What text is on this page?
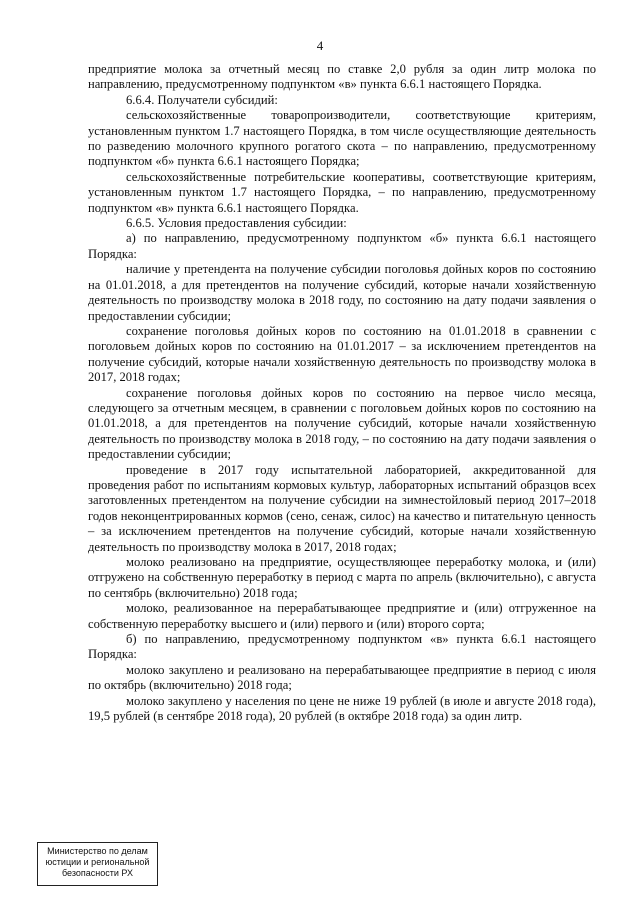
4

предприятие молока за отчетный месяц по ставке 2,0 рубля за один литр молока по направлению, предусмотренному подпунктом «в» пункта 6.6.1 настоящего Порядка.

6.6.4. Получатели субсидий:

сельскохозяйственные товаропроизводители, соответствующие критериям, установленным пунктом 1.7 настоящего Порядка, в том числе осуществляющие деятельность по разведению молочного крупного рогатого скота – по направлению, предусмотренному подпунктом «б» пункта 6.6.1 настоящего Порядка;

сельскохозяйственные потребительские кооперативы, соответствующие критериям, установленным пунктом 1.7 настоящего Порядка, – по направлению, предусмотренному подпунктом «в» пункта 6.6.1 настоящего Порядка.

6.6.5. Условия предоставления субсидии:

а) по направлению, предусмотренному подпунктом «б» пункта 6.6.1 настоящего Порядка:

наличие у претендента на получение субсидии поголовья дойных коров по состоянию на 01.01.2018, а для претендентов на получение субсидий, которые начали хозяйственную деятельность по производству молока в 2018 году, по состоянию на дату подачи заявления о предоставлении субсидии;

сохранение поголовья дойных коров по состоянию на 01.01.2018 в сравнении с поголовьем дойных коров по состоянию на 01.01.2017 – за исключением претендентов на получение субсидий, которые начали хозяйственную деятельность по производству молока в 2017, 2018 годах;

сохранение поголовья дойных коров по состоянию на первое число месяца, следующего за отчетным месяцем, в сравнении с поголовьем дойных коров по состоянию на 01.01.2018, а для претендентов на получение субсидий, которые начали хозяйственную деятельность по производству молока в 2018 году, – по состоянию на дату подачи заявления о предоставлении субсидии;

проведение в 2017 году испытательной лабораторией, аккредитованной для проведения работ по испытаниям кормовых культур, лабораторных испытаний образцов всех заготовленных претендентом на получение субсидии на зимнестойловый период 2017–2018 годов неконцентрированных кормов (сено, сенаж, силос) на качество и питательную ценность – за исключением претендентов на получение субсидий, которые начали хозяйственную деятельность по производству молока в 2017, 2018 годах;

молоко реализовано на предприятие, осуществляющее переработку молока, и (или) отгружено на собственную переработку в период с марта по апрель (включительно), с августа по сентябрь (включительно) 2018 года;

молоко, реализованное на перерабатывающее предприятие и (или) отгруженное на собственную переработку высшего и (или) первого и (или) второго сорта;

б) по направлению, предусмотренному подпунктом «в» пункта 6.6.1 настоящего Порядка:

молоко закуплено и реализовано на перерабатывающее предприятие в период с июля по октябрь (включительно) 2018 года;

молоко закуплено у населения по цене не ниже 19 рублей (в июле и августе 2018 года), 19,5 рублей (в сентябре 2018 года), 20 рублей (в октябре 2018 года) за один литр.

Министерство по делам
юстиции и региональной
безопасности РХ
